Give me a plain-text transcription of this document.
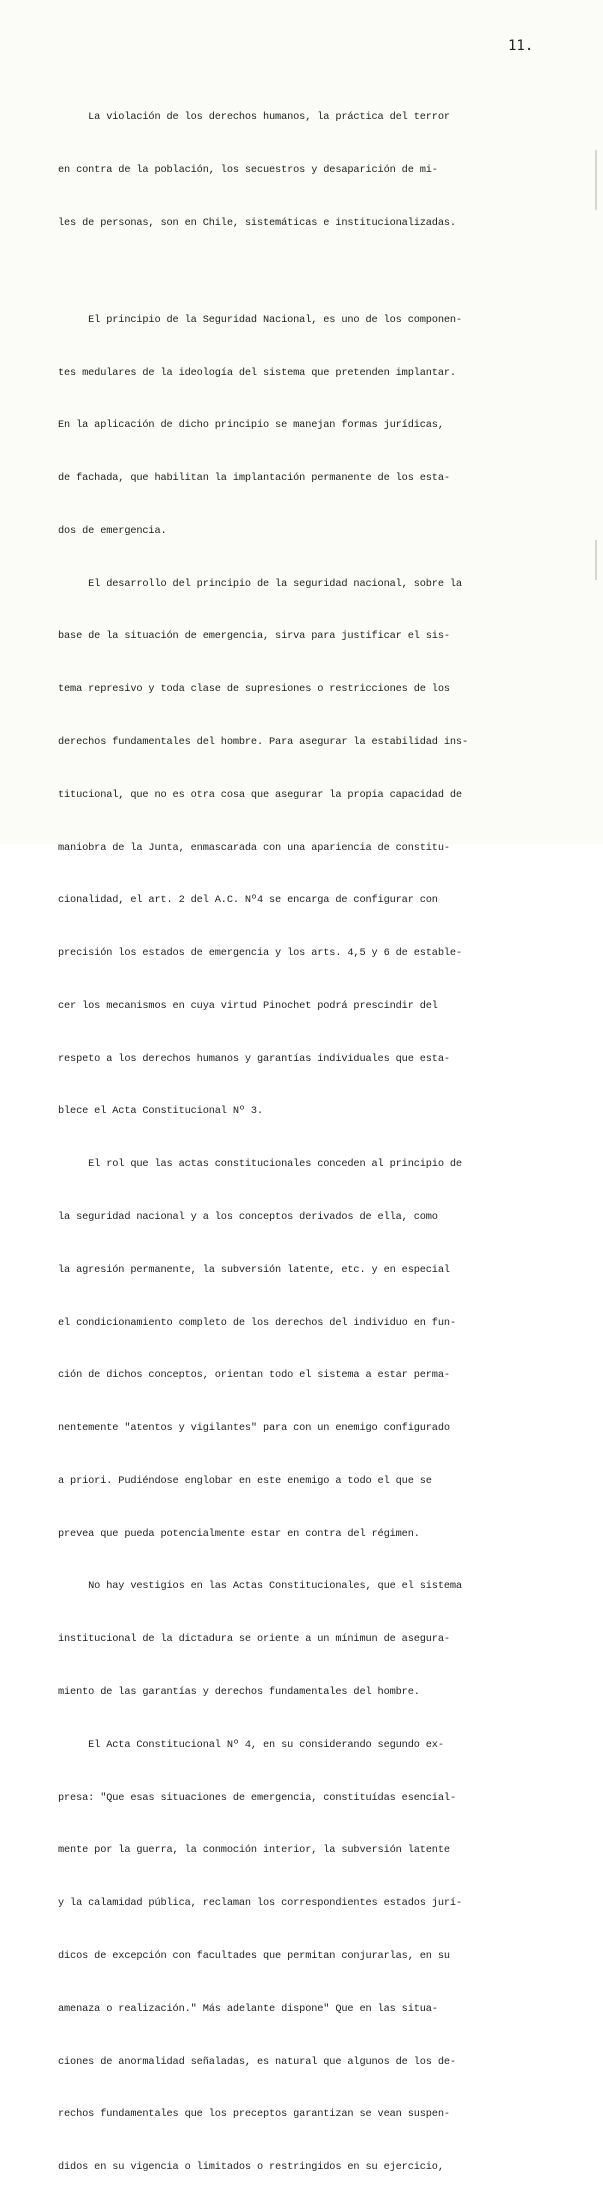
11.

La violación de los derechos humanos, la práctica del terror

en contra de la población, los secuestros y desaparición de mi-

les de personas, son en Chile, sistemáticas e institucionalizadas.

El principio de la Seguridad Nacional, es uno de los componen-

tes medulares de la ideología del sistema que pretenden implantar.

En la aplicación de dicho principio se manejan formas jurídicas,

de fachada, que habilitan la implantación permanente de los esta-

dos de emergencia.

El desarrollo del principio de la seguridad nacional, sobre la

base de la situación de emergencia, sirva para justificar el sis-

tema represivo y toda clase de supresiones o restricciones de los

derechos fundamentales del hombre. Para asegurar la estabilidad ins-

titucional, que no es otra cosa que asegurar la propia capacidad de

maniobra de la Junta, enmascarada con una apariencia de constitu-

cionalidad, el art. 2 del A.C. Nº4 se encarga de configurar con

precisión los estados de emergencia y los arts. 4,5 y 6 de estable-

cer los mecanismos en cuya virtud Pinochet podrá prescindir del

respeto a los derechos humanos y garantías individuales que esta-

blece el Acta Constitucional Nº 3.

El rol que las actas constitucionales conceden al principio de

la seguridad nacional y a los conceptos derivados de ella, como

la agresión permanente, la subversión latente, etc. y en especial

el condicionamiento completo de los derechos del individuo en fun-

ción de dichos conceptos, orientan todo el sistema a estar perma-

nentemente "atentos y vigilantes" para con un enemigo configurado

a priori. Pudiéndose englobar en este enemigo a todo el que se

prevea que pueda potencialmente estar en contra del régimen.

No hay vestigios en las Actas Constitucionales, que el sistema

institucional de la dictadura se oriente a un mínimun de asegura-

miento de las garantías y derechos fundamentales del hombre.

El Acta Constitucional Nº 4, en su considerando segundo ex-

presa: "Que esas situaciones de emergencia, constituídas esencial-

mente por la guerra, la conmoción interior, la subversión latente

y la calamidad pública, reclaman los correspondientes estados jurí-

dicos de excepción con facultades que permitan conjurarlas, en su

amenaza o realización." Más adelante dispone" Que en las situa-

ciones de anormalidad señaladas, es natural que algunos de los de-

rechos fundamentales que los preceptos garantizan se vean suspen-

didos en su vigencia o limitados o restringidos en su ejercicio,
